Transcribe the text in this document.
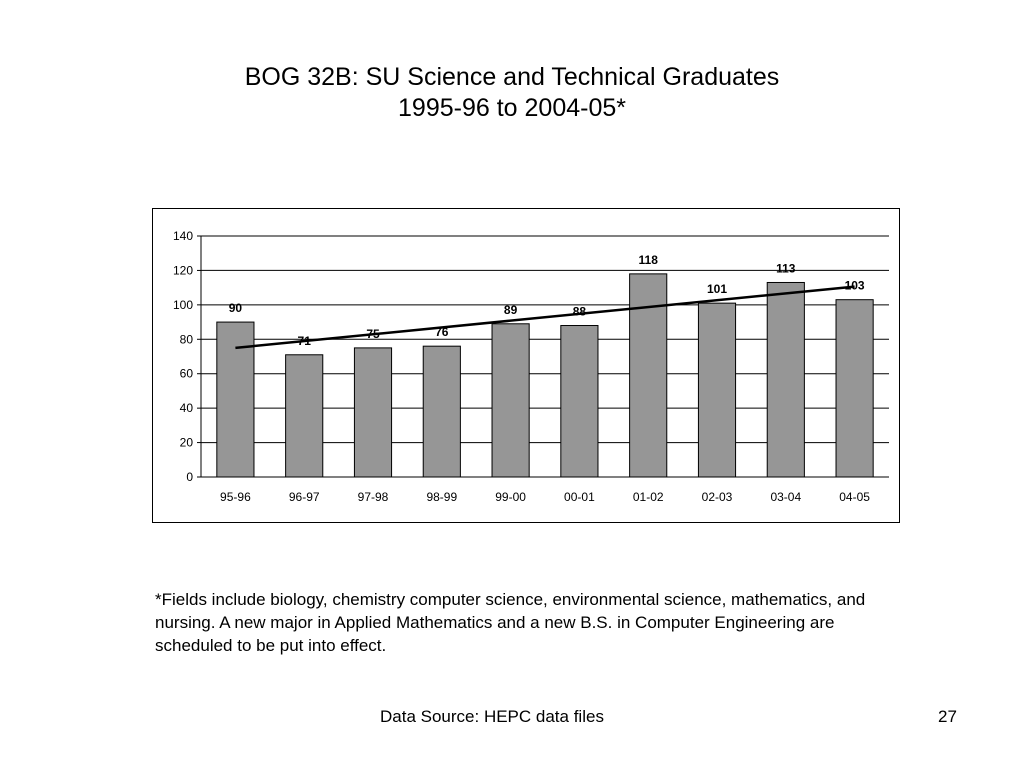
BOG 32B: SU Science and Technical Graduates
1995-96 to 2004-05*
0
20
40
60
80
100
120
140
95-96
90
96-97	97-98	98-99
76
99-00
89
00-01
88
01-02
118
02-03
101
03-04
113
04-05
103
*Fields include biology, chemistry computer science, environmental science, mathematics, and nursing. A new major in Applied Mathematics and a new B.S. in Computer Engineering are scheduled to be put into effect.
Data Source: HEPC data files	27
